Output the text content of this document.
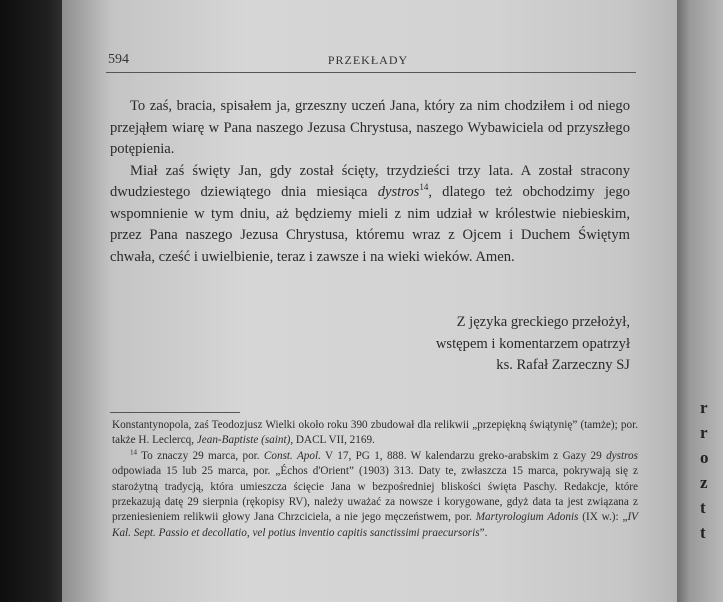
r
r
o
z
t
t
594	PRZEKŁADY

To zaś, bracia, spisałem ja, grzeszny uczeń Jana, który za nim chodziłem i od niego przejąłem wiarę w Pana naszego Jezusa Chrystusa, naszego Wybawiciela od przyszłego potępienia.

Miał zaś święty Jan, gdy został ścięty, trzydzieści trzy lata. A został stracony dwudziestego dziewiątego dnia miesiąca dystros$^{14}$, dlatego też obchodzimy jego wspomnienie w tym dniu, aż będziemy mieli z nim udział w królestwie niebieskim, przez Pana naszego Jezusa Chrystusa, któremu wraz z Ojcem i Duchem Świętym chwała, cześć i uwielbienie, teraz i zawsze i na wieki wieków. Amen.

Z języka greckiego przełożył,
wstępem i komentarzem opatrzył
ks. Rafał Zarzeczny SJ

Konstantynopola, zaś Teodozjusz Wielki około roku 390 zbudował dla relikwii „przepiękną świątynię” (tamże); por. także H. Leclercq, Jean-Baptiste (saint), DACL VII, 2169.

$^{14}$ To znaczy 29 marca, por. Const. Apol. V 17, PG 1, 888. W kalendarzu greko-arabskim z Gazy 29 dystros odpowiada 15 lub 25 marca, por. „Échos d'Orient” (1903) 313. Daty te, zwłaszcza 15 marca, pokrywają się z starożytną tradycją, która umieszcza ścięcie Jana w bezpośredniej bliskości święta Paschy. Redakcje, które przekazują datę 29 sierpnia (rękopisy RV), należy uważać za nowsze i korygowane, gdyż data ta jest związana z przeniesieniem relikwii głowy Jana Chrzciciela, a nie jego męczeństwem, por. Martyrologium Adonis (IX w.): „IV Kal. Sept. Passio et decollatio, vel potius inventio capitis sanctissimi praecursoris”.
